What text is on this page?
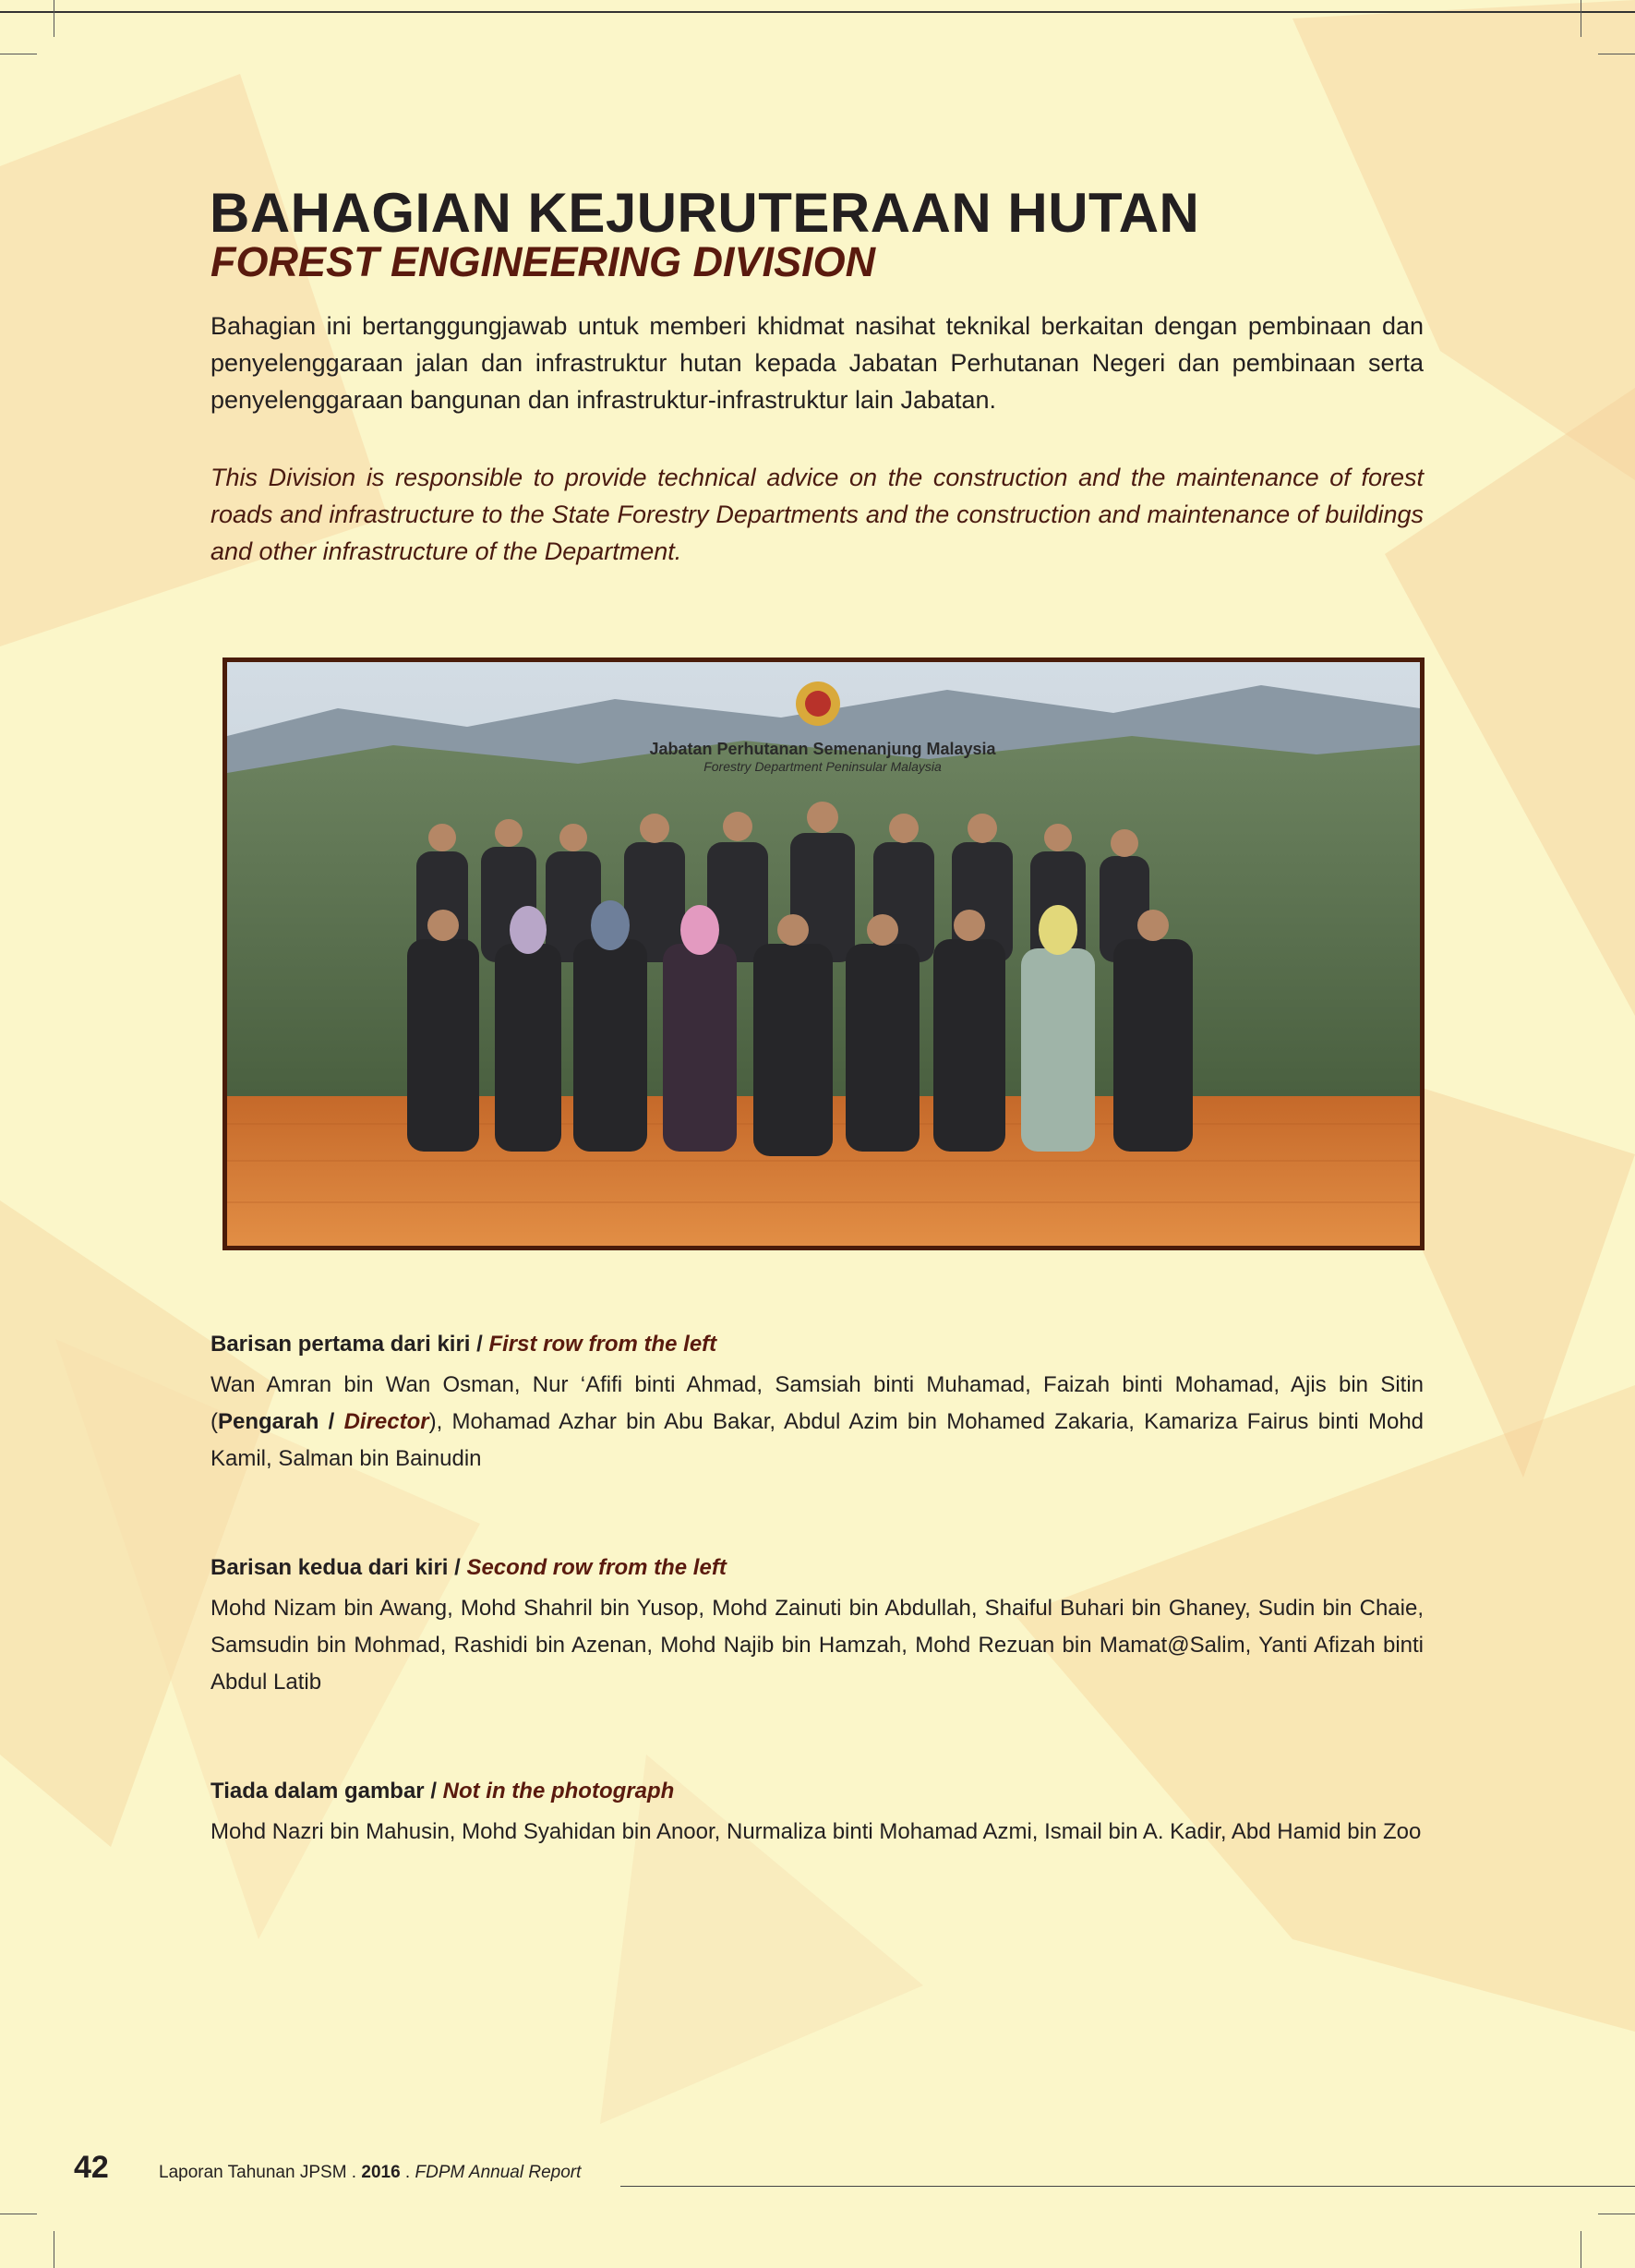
BAHAGIAN KEJURUTERAAN HUTAN
FOREST ENGINEERING DIVISION

Bahagian ini bertanggungjawab untuk memberi khidmat nasihat teknikal berkaitan dengan pembinaan dan penyelenggaraan jalan dan infrastruktur hutan kepada Jabatan Perhutanan Negeri dan pembinaan serta penyelenggaraan bangunan dan infrastruktur-infrastruktur lain Jabatan.

This Division is responsible to provide technical advice on the construction and the maintenance of forest roads and infrastructure to the State Forestry Departments and the construction and maintenance of buildings and other infrastructure of the Department.

Jabatan Perhutanan Semenanjung Malaysia
Forestry Department Peninsular Malaysia
Barisan pertama dari kiri / First row from the left

Wan Amran bin Wan Osman, Nur ‘Afifi binti Ahmad, Samsiah binti Muhamad, Faizah binti Mohamad, Ajis bin Sitin (Pengarah / Director), Mohamad Azhar bin Abu Bakar, Abdul Azim bin Mohamed Zakaria, Kamariza Fairus binti Mohd Kamil, Salman bin Bainudin

Barisan kedua dari kiri / Second row from the left

Mohd Nizam bin Awang, Mohd Shahril bin Yusop, Mohd Zainuti bin Abdullah, Shaiful Buhari bin Ghaney, Sudin bin Chaie, Samsudin bin Mohmad, Rashidi bin Azenan, Mohd Najib bin Hamzah, Mohd Rezuan bin Mamat@Salim, Yanti Afizah binti Abdul Latib

Tiada dalam gambar / Not in the photograph

Mohd Nazri bin Mahusin, Mohd Syahidan bin Anoor, Nurmaliza binti Mohamad Azmi, Ismail bin A. Kadir, Abd Hamid bin Zoo

42	Laporan Tahunan JPSM . 2016 . FDPM Annual Report
